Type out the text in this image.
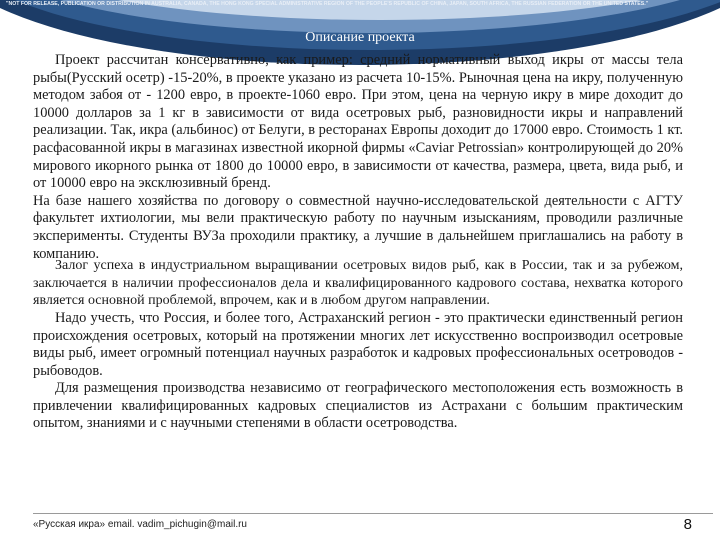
"NOT FOR RELEASE, PUBLICATION OR DISTRIBUTION IN AUSTRALIA, CANADA, THE HONG KONG SPECIAL ADMINISTRATIVE REGION OF THE PEOPLE'S REPUBLIC OF CHINA, JAPAN, SOUTH AFRICA, THE RUSSIAN FEDERATION OR THE UNITED STATES."
Описание проекта

Проект рассчитан консервативно, как пример: средний нормативный выход икры от массы тела рыбы(Русский осетр) -15-20%, в проекте указано из расчета 10-15%. Рыночная цена на икру, полученную методом забоя от - 1200 евро, в проекте-1060 евро. При этом, цена на черную икру в мире доходит до 10000 долларов за 1 кг в зависимости от вида осетровых рыб, разновидности икры и направлений реализации. Так, икра (альбинос) от Белуги, в ресторанах Европы доходит до 17000 евро. Стоимость 1 кт. расфасованной икры в магазинах известной икорной фирмы «Caviar Petrossian» контролирующей до 20% мирового икорного рынка от 1800 до 10000 евро, в зависимости от качества, размера, цвета, вида рыб, и от 10000 евро на эксклюзивный бренд.

На базе нашего хозяйства по договору о совместной научно-исследовательской деятельности с АГТУ факультет ихтиологии, мы вели практическую работу по научным изысканиям, проводили различные эксперименты. Студенты ВУЗа проходили практику, а лучшие в дальнейшем приглашались на работу в компанию.

Залог успеха в индустриальном выращивании осетровых видов рыб, как в России, так и за рубежом, заключается в наличии профессионалов дела и квалифицированного кадрового состава, нехватка которого является основной проблемой, впрочем, как и в любом другом направлении.

Надо учесть, что Россия, и более того, Астраханский регион - это практически единственный регион происхождения осетровых, который на протяжении многих лет искусственно воспроизводил осетровые виды рыб, имеет огромный потенциал научных разработок и кадровых профессиональных осетроводов - рыбоводов.

Для размещения производства независимо от географического местоположения есть возможность в привлечении квалифицированных кадровых специалистов из Астрахани с большим практическим опытом, знаниями и с научными степенями в области осетроводства.

«Русская икра» email. vadim_pichugin@mail.ru	8
